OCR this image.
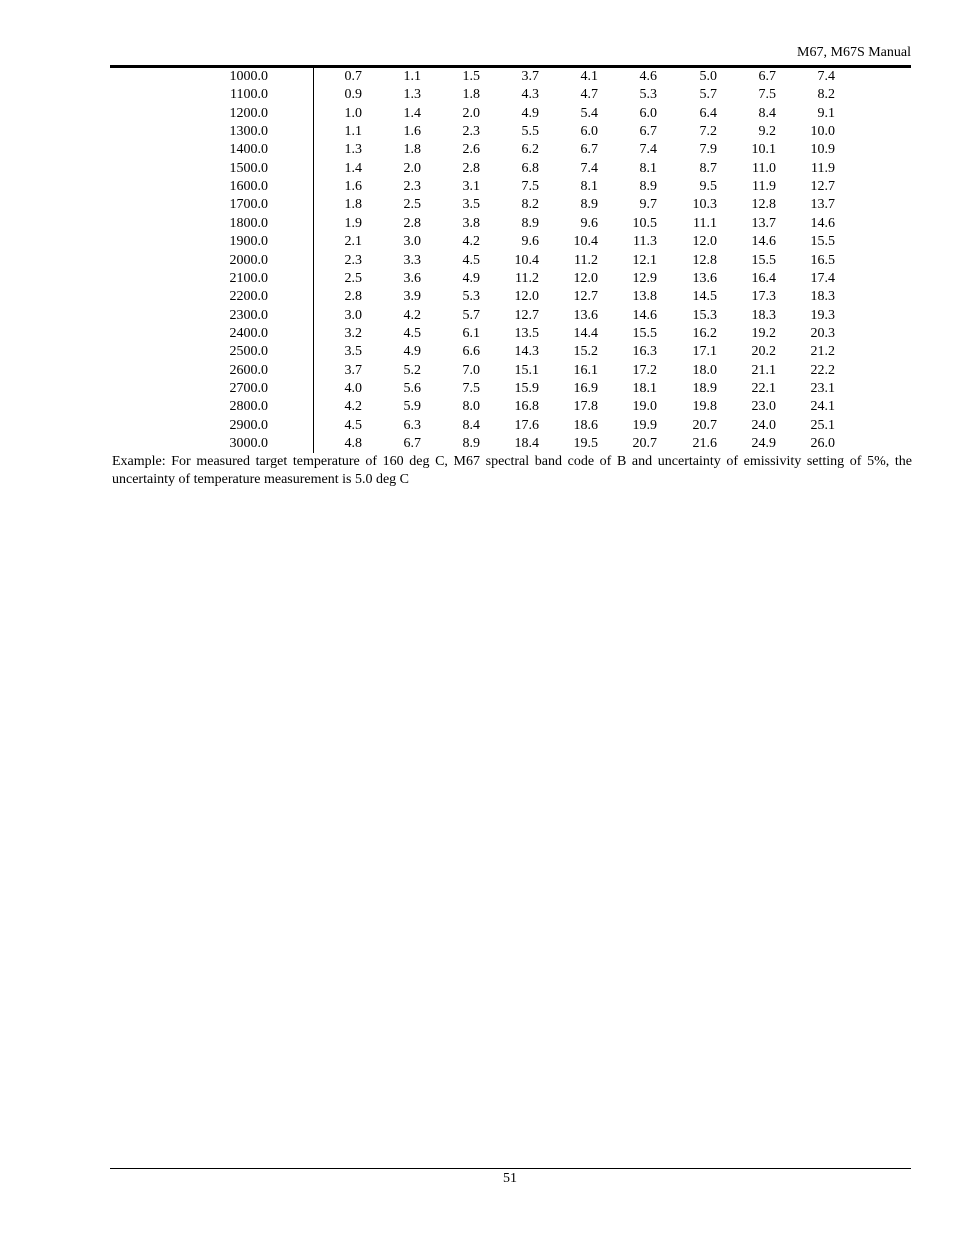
M67, M67S Manual
1000.0	0.7	1.1	1.5	3.7	4.1	4.6	5.0	6.7	7.4
1100.0	0.9	1.3	1.8	4.3	4.7	5.3	5.7	7.5	8.2
1200.0	1.0	1.4	2.0	4.9	5.4	6.0	6.4	8.4	9.1
1300.0	1.1	1.6	2.3	5.5	6.0	6.7	7.2	9.2	10.0
1400.0	1.3	1.8	2.6	6.2	6.7	7.4	7.9	10.1	10.9
1500.0	1.4	2.0	2.8	6.8	7.4	8.1	8.7	11.0	11.9
1600.0	1.6	2.3	3.1	7.5	8.1	8.9	9.5	11.9	12.7
1700.0	1.8	2.5	3.5	8.2	8.9	9.7	10.3	12.8	13.7
1800.0	1.9	2.8	3.8	8.9	9.6	10.5	11.1	13.7	14.6
1900.0	2.1	3.0	4.2	9.6	10.4	11.3	12.0	14.6	15.5
2000.0	2.3	3.3	4.5	10.4	11.2	12.1	12.8	15.5	16.5
2100.0	2.5	3.6	4.9	11.2	12.0	12.9	13.6	16.4	17.4
2200.0	2.8	3.9	5.3	12.0	12.7	13.8	14.5	17.3	18.3
2300.0	3.0	4.2	5.7	12.7	13.6	14.6	15.3	18.3	19.3
2400.0	3.2	4.5	6.1	13.5	14.4	15.5	16.2	19.2	20.3
2500.0	3.5	4.9	6.6	14.3	15.2	16.3	17.1	20.2	21.2
2600.0	3.7	5.2	7.0	15.1	16.1	17.2	18.0	21.1	22.2
2700.0	4.0	5.6	7.5	15.9	16.9	18.1	18.9	22.1	23.1
2800.0	4.2	5.9	8.0	16.8	17.8	19.0	19.8	23.0	24.1
2900.0	4.5	6.3	8.4	17.6	18.6	19.9	20.7	24.0	25.1
3000.0	4.8	6.7	8.9	18.4	19.5	20.7	21.6	24.9	26.0
Example: For measured target temperature of 160 deg C, M67 spectral band code of B and uncertainty of emissivity setting of 5%, the uncertainty of temperature measurement is 5.0 deg C
51
